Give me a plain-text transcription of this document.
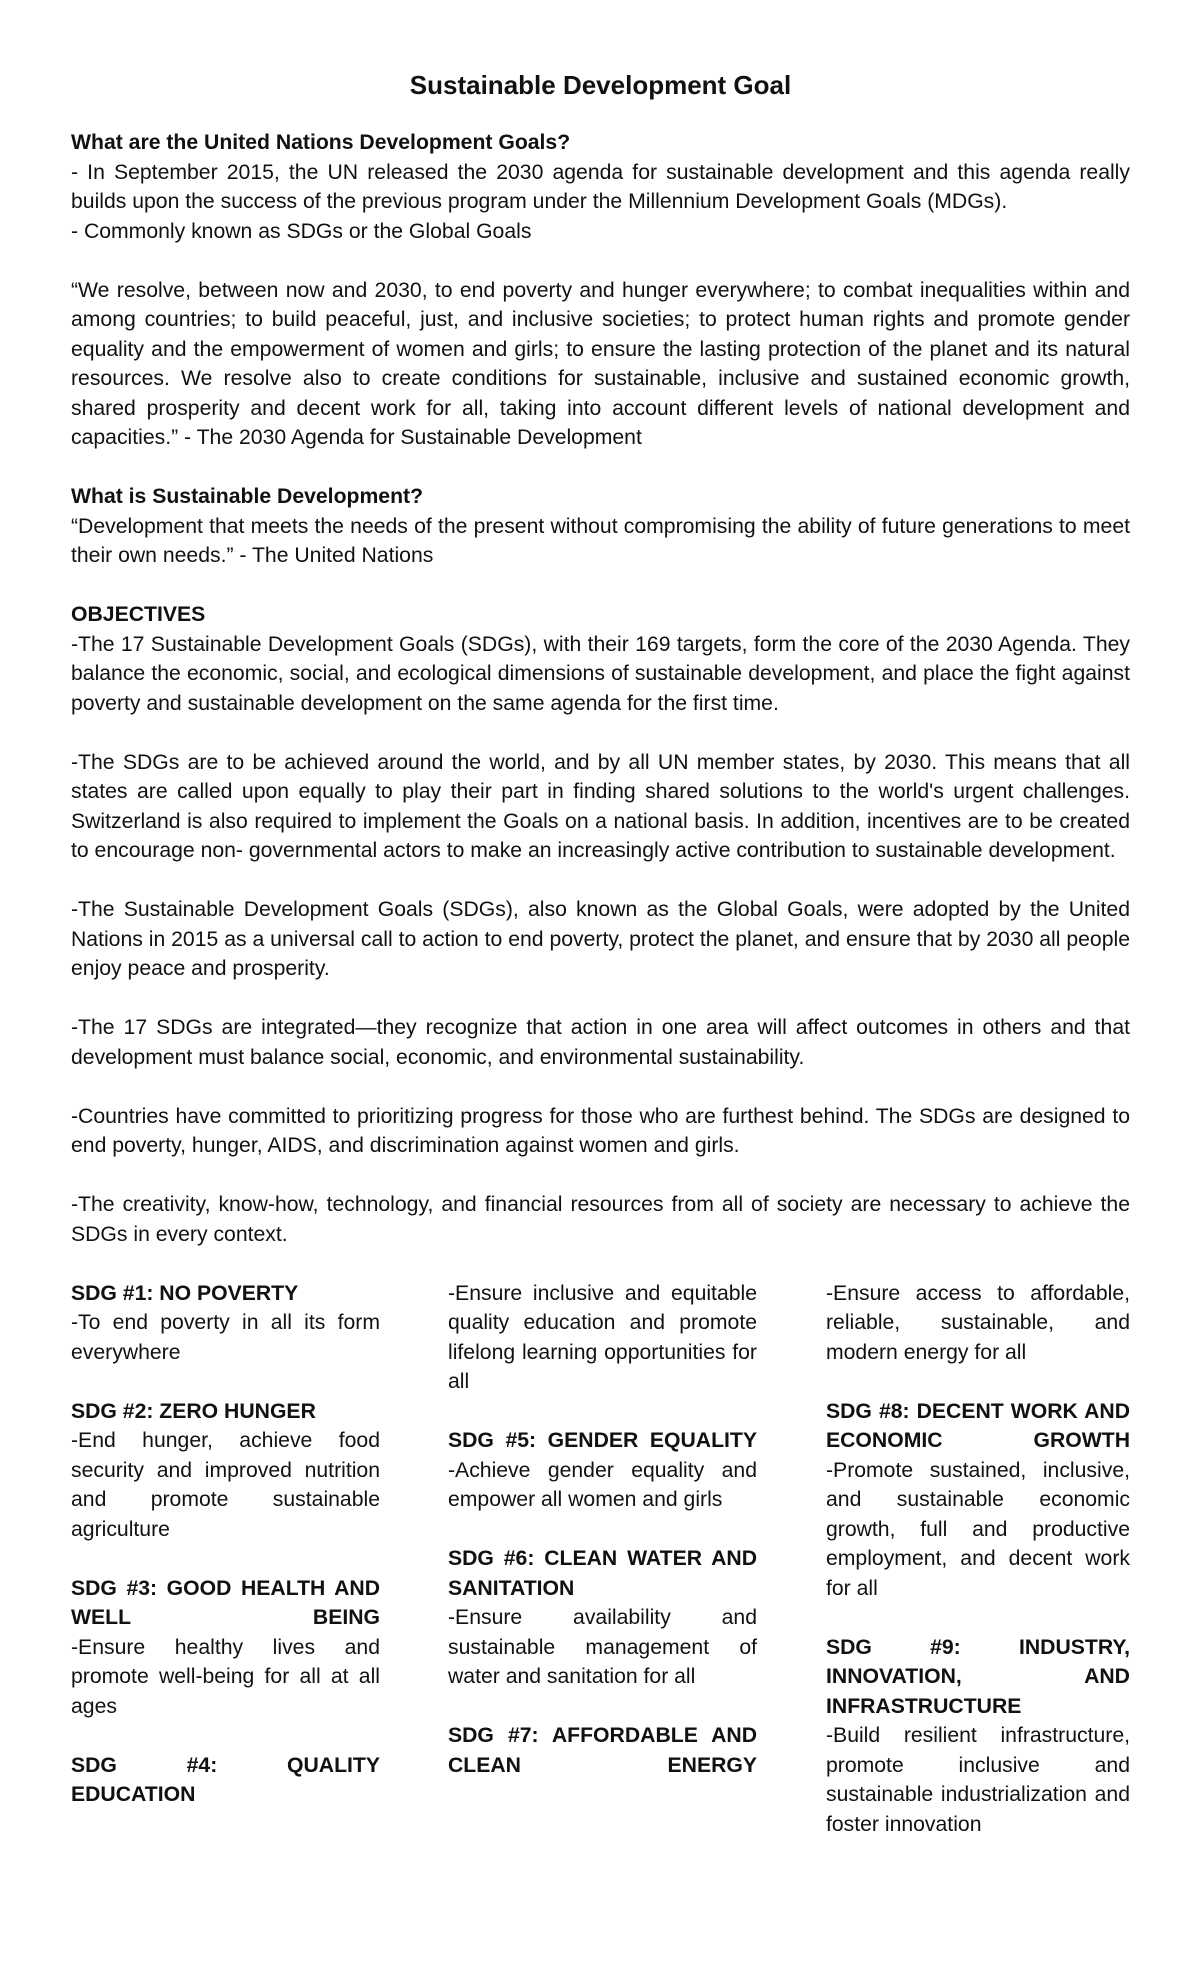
Sustainable Development Goal
What are the United Nations Development Goals?
- In September 2015, the UN released the 2030 agenda for sustainable development and this agenda really builds upon the success of the previous program under the Millennium Development Goals (MDGs).
- Commonly known as SDGs or the Global Goals
“We resolve, between now and 2030, to end poverty and hunger everywhere; to combat inequalities within and among countries; to build peaceful, just, and inclusive societies; to protect human rights and promote gender equality and the empowerment of women and girls; to ensure the lasting protection of the planet and its natural resources. We resolve also to create conditions for sustainable, inclusive and sustained economic growth, shared prosperity and decent work for all, taking into account different levels of national development and capacities.” - The 2030 Agenda for Sustainable Development
What is Sustainable Development?
“Development that meets the needs of the present without compromising the ability of future generations to meet their own needs.” - The United Nations
OBJECTIVES
-The 17 Sustainable Development Goals (SDGs), with their 169 targets, form the core of the 2030 Agenda. They balance the economic, social, and ecological dimensions of sustainable development, and place the fight against poverty and sustainable development on the same agenda for the first time.
-The SDGs are to be achieved around the world, and by all UN member states, by 2030. This means that all states are called upon equally to play their part in finding shared solutions to the world's urgent challenges. Switzerland is also required to implement the Goals on a national basis. In addition, incentives are to be created to encourage non- governmental actors to make an increasingly active contribution to sustainable development.
-The Sustainable Development Goals (SDGs), also known as the Global Goals, were adopted by the United Nations in 2015 as a universal call to action to end poverty, protect the planet, and ensure that by 2030 all people enjoy peace and prosperity.
-The 17 SDGs are integrated—they recognize that action in one area will affect outcomes in others and that development must balance social, economic, and environmental sustainability.
-Countries have committed to prioritizing progress for those who are furthest behind. The SDGs are designed to end poverty, hunger, AIDS, and discrimination against women and girls.
-The creativity, know-how, technology, and financial resources from all of society are necessary to achieve the SDGs in every context.
SDG #1: NO POVERTY
-To end poverty in all its form everywhere
SDG #2: ZERO HUNGER
-End hunger, achieve food security and improved nutrition and promote sustainable agriculture
SDG #3: GOOD HEALTH AND WELL BEING
-Ensure healthy lives and promote well-being for all at all ages
SDG #4: QUALITY EDUCATION
-Ensure inclusive and equitable quality education and promote lifelong learning opportunities for all
SDG #5: GENDER EQUALITY
-Achieve gender equality and empower all women and girls
SDG #6: CLEAN WATER AND SANITATION
-Ensure availability and sustainable management of water and sanitation for all
SDG #7: AFFORDABLE AND CLEAN ENERGY
-Ensure access to affordable, reliable, sustainable, and modern energy for all
SDG #8: DECENT WORK AND ECONOMIC GROWTH
-Promote sustained, inclusive, and sustainable economic growth, full and productive employment, and decent work for all
SDG #9: INDUSTRY, INNOVATION, AND INFRASTRUCTURE
-Build resilient infrastructure, promote inclusive and sustainable industrialization and foster innovation
